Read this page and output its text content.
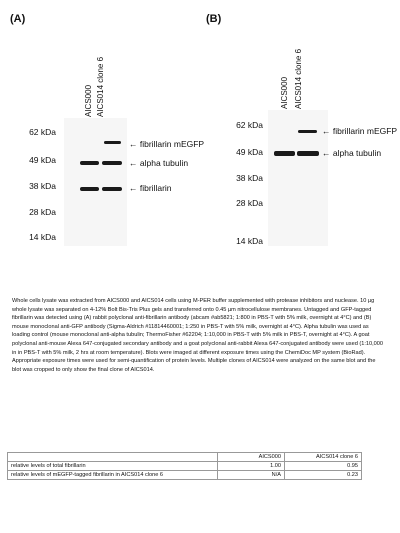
(A)
AICS000 AICS014 clone 6
62 kDa
49 kDa
38 kDa
28 kDa
14 kDa
← fibrillarin mEGFP
← alpha tubulin
← fibrillarin
(B)
AICS000 AICS014 clone 6
62 kDa
49 kDa
38 kDa
28 kDa
14 kDa
← fibrillarin mEGFP
← alpha tubulin
Whole cells lysate was extracted from AICS000 and AICS014 cells using M-PER buffer supplemented with protease inhibitors and nuclease. 10 µg whole lysate was separated on 4-12% Bolt Bis-Tris Plus gels and transferred onto 0.45 µm nitrocellulose membranes. Untagged and GFP-tagged fibrillarin was detected using (A) rabbit polyclonal anti-fibrillarin antibody (abcam #ab5821; 1:800 in PBS-T with 5% milk, overnight at 4°C) and (B) mouse monoclonal anti-GFP antibody (Sigma-Aldrich #11814460001; 1:250 in PBS-T with 5% milk, overnight at 4°C). Alpha tubulin was used as loading control (mouse monoclonal anti-alpha tubulin; ThermoFisher #62204; 1:10,000 in PBS-T with 5% milk in PBS-T, overnight at 4°C). A goat polyclonal anti-mouse Alexa 647-conjugated secondary antibody and a goat polyclonal anti-rabbit Alexa 647-conjugated antibody were used (1:10,000 in in PBS-T with 5% milk, 2 hrs at room temperature). Blots were imaged at different exposure times using the ChemiDoc MP system (BioRad). Appropriate exposure times were used for semi-quantification of protein levels. Multiple clones of AICS014 were analyzed on the same blot and the blot was cropped to only show the final clone of AICS014.
	AICS000	AICS014 clone 6
relative levels of total fibrillarin	1.00	0.95
relative levels of mEGFP-tagged fibrillarin in AICS014 clone 6	N/A	0.23
